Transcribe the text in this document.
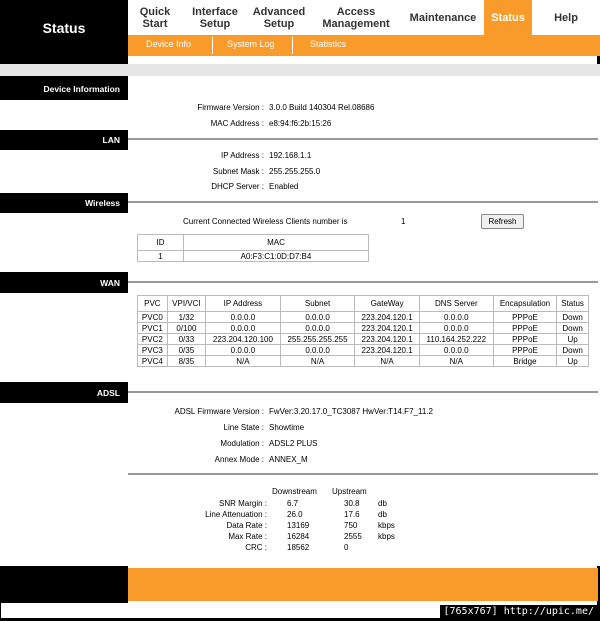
Status
Quick
Start
Interface
Setup
Advanced
Setup
Access
Management Maintenance Status	Help
Device Info	System Log	Statistics
Device Information
Firmware Version : 3.0.0 Build 140304 Rel.08686
MAC Address : e8:94:f6:2b:15:26
LAN
IP Address : 192.168.1.1
Subnet Mask : 255.255.255.0
DHCP Server : Enabled
Wireless
Current Connected Wireless Clients number is	1	Refresh
ID	MAC
1	A0:F3:C1:0D:D7:B4
WAN
PVC	VPI/VCI	IP Address	Subnet	GateWay	DNS Server	Encapsulation	Status
PVC0	1/32	0.0.0.0	0.0.0.0	223.204.120.1	0.0.0.0	PPPoE	Down
PVC1	0/100	0.0.0.0	0.0.0.0	223.204.120.1	0.0.0.0	PPPoE	Down
PVC2	0/33	223.204.120.100	255.255.255.255	223.204.120.1	110.164.252.222	PPPoE	Up
PVC3	0/35	0.0.0.0	0.0.0.0	223.204.120.1	0.0.0.0	PPPoE	Down
PVC4	8/35	N/A	N/A	N/A	N/A	Bridge	Up
ADSL
ADSL Firmware Version : FwVer:3.20.17.0_TC3087 HwVer:T14.F7_11.2
Line State : Showtime
Modulation : ADSL2 PLUS
Annex Mode : ANNEX_M
Downstream Upstream
SNR Margin :	6.7	30.8 db
Line Attenuation :	26.0	17.6 db
Data Rate :	13169	750	kbps
Max Rate :	16284	2555 kbps
CRC :	18562	0
[765x767] http://upic.me/
